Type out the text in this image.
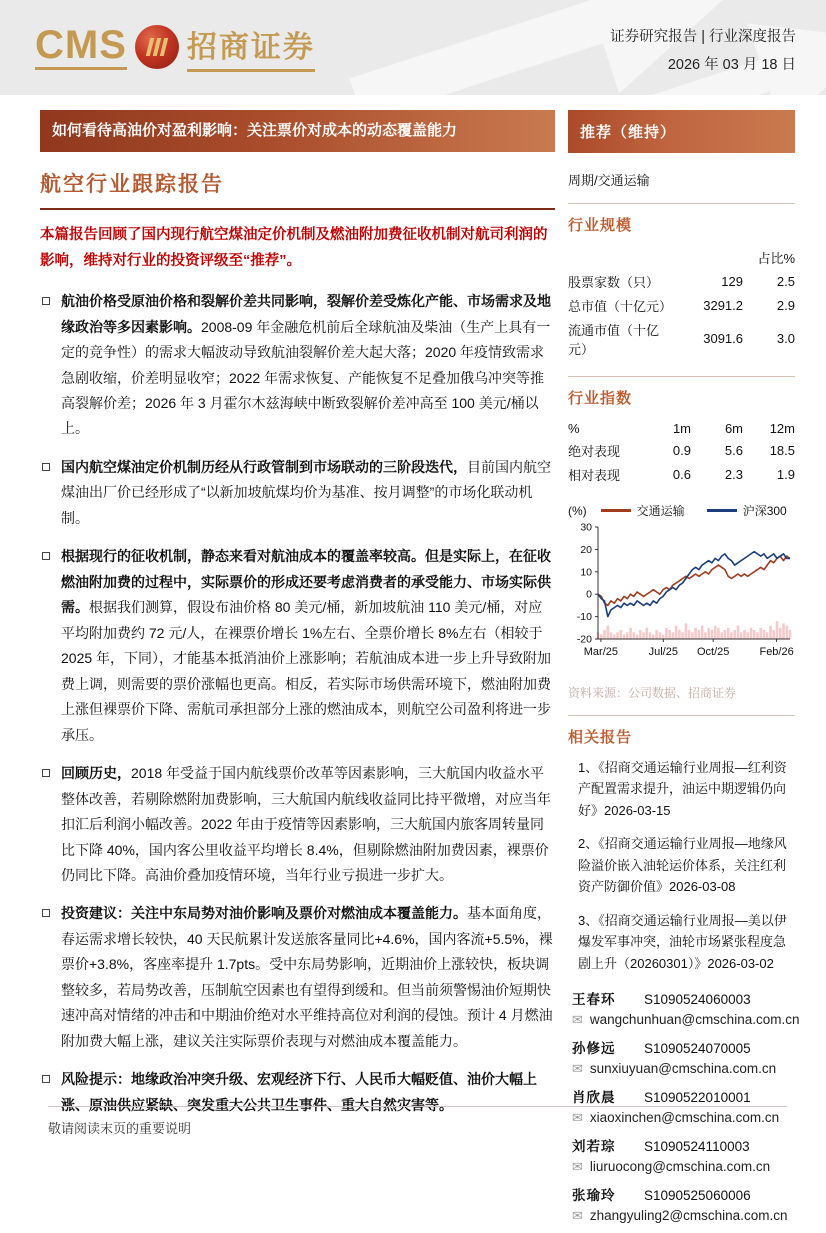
CMS 招商证券	证券研究报告 | 行业深度报告
2026 年 03 月 18 日
如何看待高油价对盈利影响：关注票价对成本的动态覆盖能力
航空行业跟踪报告
本篇报告回顾了国内现行航空煤油定价机制及燃油附加费征收机制对航司利润的影响，维持对行业的投资评级至“推荐”。
航油价格受原油价格和裂解价差共同影响，裂解价差受炼化产能、市场需求及地缘政治等多因素影响。2008-09 年金融危机前后全球航油及柴油（生产上具有一定的竞争性）的需求大幅波动导致航油裂解价差大起大落；2020 年疫情致需求急剧收缩，价差明显收窄；2022 年需求恢复、产能恢复不足叠加俄乌冲突等推高裂解价差；2026 年 3 月霍尔木兹海峡中断致裂解价差冲高至 100 美元/桶以上。
国内航空煤油定价机制历经从行政管制到市场联动的三阶段迭代，目前国内航空煤油出厂价已经形成了“以新加坡航煤均价为基准、按月调整”的市场化联动机制。
根据现行的征收机制，静态来看对航油成本的覆盖率较高。但是实际上，在征收燃油附加费的过程中，实际票价的形成还要考虑消费者的承受能力、市场实际供需。根据我们测算，假设布油价格 80 美元/桶，新加坡航油 110 美元/桶，对应平均附加费约 72 元/人，在裸票价增长 1%左右、全票价增长 8%左右（相较于 2025 年，下同），才能基本抵消油价上涨影响；若航油成本进一步上升导致附加费上调，则需要的票价涨幅也更高。相反，若实际市场供需环境下，燃油附加费上涨但裸票价下降、需航司承担部分上涨的燃油成本，则航空公司盈利将进一步承压。
回顾历史，2018 年受益于国内航线票价改革等因素影响，三大航国内收益水平整体改善，若剔除燃附加费影响，三大航国内航线收益同比持平微增，对应当年扣汇后利润小幅改善。2022 年由于疫情等因素影响，三大航国内旅客周转量同比下降 40%，国内客公里收益平均增长 8.4%，但剔除燃油附加费因素，裸票价仍同比下降。高油价叠加疫情环境，当年行业亏损进一步扩大。
投资建议：关注中东局势对油价影响及票价对燃油成本覆盖能力。基本面角度，春运需求增长较快，40 天民航累计发送旅客量同比+4.6%，国内客流+5.5%，裸票价+3.8%，客座率提升 1.7pts。受中东局势影响，近期油价上涨较快，板块调整较多，若局势改善，压制航空因素也有望得到缓和。但当前须警惕油价短期快速冲高对情绪的冲击和中期油价绝对水平维持高位对利润的侵蚀。预计 4 月燃油附加费大幅上涨，建议关注实际票价表现与对燃油成本覆盖能力。
风险提示：地缘政治冲突升级、宏观经济下行、人民币大幅贬值、油价大幅上涨、原油供应紧缺、突发重大公共卫生事件、重大自然灾害等。
推荐（维持）
周期/交通运输
行业规模
		占比%
股票家数（只）	129	2.5
总市值（十亿元）	3291.2	2.9
流通市值（十亿元）	3091.6	3.0
行业指数
%	1m	6m	12m
绝对表现	0.9	5.6	18.5
相对表现	0.6	2.3	1.9
(%)	交通运输	沪深300
30
20
10
0
-10
-20
Mar/25	Jul/25 Oct/25	Feb/26
资料来源：公司数据、招商证券
相关报告
1、《招商交通运输行业周报—红利资产配置需求提升，油运中期逻辑仍向好》2026-03-15
2、《招商交通运输行业周报—地缘风险溢价嵌入油轮运价体系，关注红利资产防御价值》2026-03-08
3、《招商交通运输行业周报—美以伊爆发军事冲突，油轮市场紧张程度急剧上升（20260301）》2026-03-02
王春环 S1090524060003
✉ wangchunhuan@cmschina.com.cn
孙修远 S1090524070005
✉ sunxiuyuan@cmschina.com.cn
肖欣晨 S1090522010001
✉ xiaoxinchen@cmschina.com.cn
刘若琮 S1090524110003
✉ liuruocong@cmschina.com.cn
张瑜玲 S1090525060006
✉ zhangyuling2@cmschina.com.cn
敬请阅读末页的重要说明
